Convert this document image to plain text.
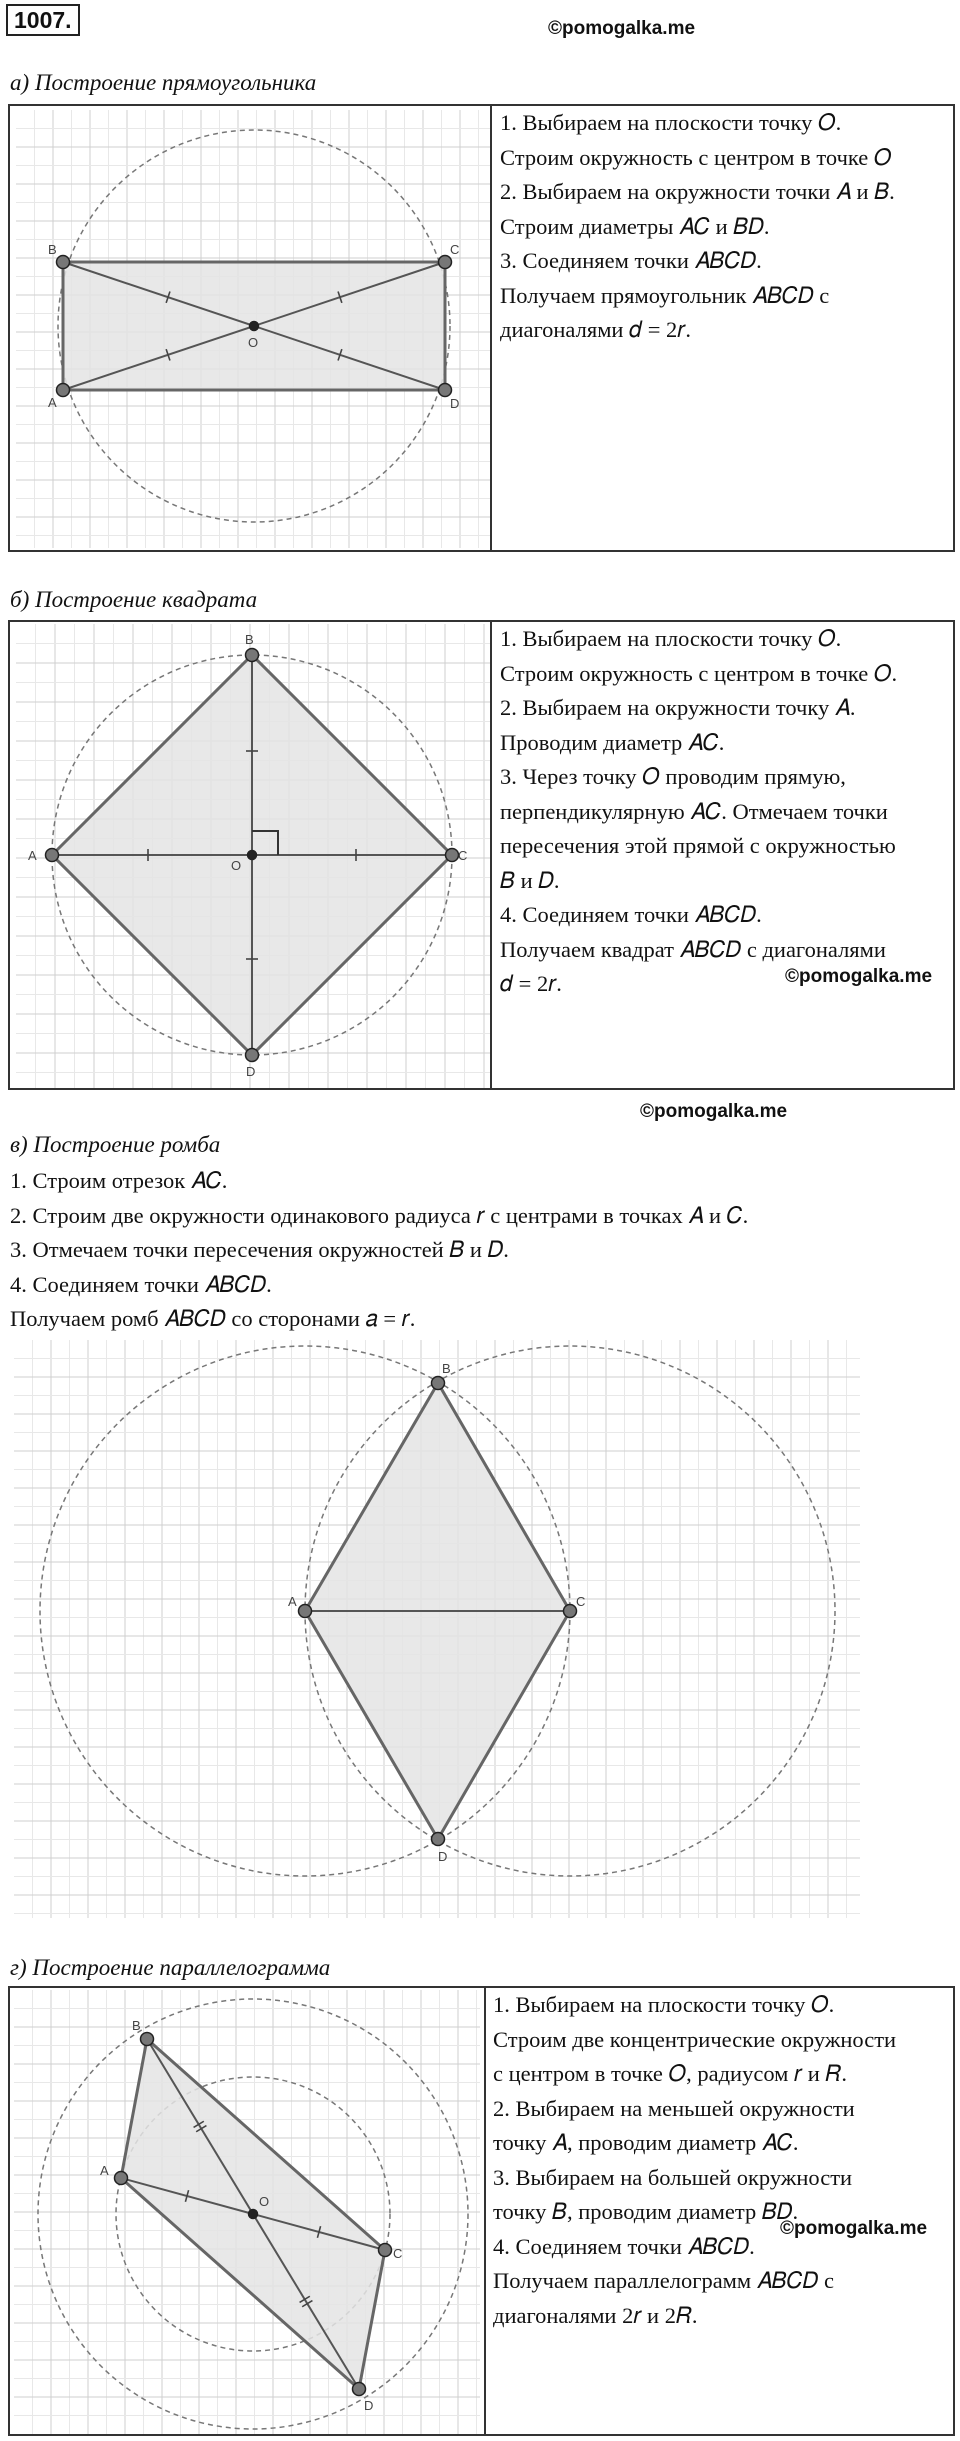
1007.	©pomogalka.me
а) Построение прямоугольника
B	C
A	D
O
1. Выбираем на плоскости точку 𝑂.
Строим окружность с центром в точке 𝑂
2. Выбираем на окружности точки 𝐴 и 𝐵.
Строим диаметры 𝐴𝐶 и 𝐵𝐷.
3. Соединяем точки 𝐴𝐵𝐶𝐷.
Получаем прямоугольник 𝐴𝐵𝐶𝐷 с
диагоналями 𝑑 = 2𝑟.
б) Построение квадрата
B
A	C
D
O
1. Выбираем на плоскости точку 𝑂.
Строим окружность с центром в точке 𝑂.
2. Выбираем на окружности точку 𝐴.
Проводим диаметр 𝐴𝐶.
3. Через точку 𝑂 проводим прямую,
перпендикулярную 𝐴𝐶. Отмечаем точки
пересечения этой прямой с окружностью
𝐵 и 𝐷.
4. Соединяем точки 𝐴𝐵𝐶𝐷.
Получаем квадрат 𝐴𝐵𝐶𝐷 с диагоналями
𝑑 = 2𝑟.	©pomogalka.me
©pomogalka.me
в) Построение ромба
1. Строим отрезок 𝐴𝐶.
2. Строим две окружности одинакового радиуса 𝑟 с центрами в точках 𝐴 и 𝐶.
3. Отмечаем точки пересечения окружностей 𝐵 и 𝐷.
4. Соединяем точки 𝐴𝐵𝐶𝐷.
Получаем ромб 𝐴𝐵𝐶𝐷 со сторонами 𝑎 = 𝑟.
B
A	C
D
г) Построение параллелограмма
B
A
C
D
O
1. Выбираем на плоскости точку 𝑂.
Строим две концентрические окружности
с центром в точке 𝑂, радиусом 𝑟 и 𝑅.
2. Выбираем на меньшей окружности
точку 𝐴, проводим диаметр 𝐴𝐶.
3. Выбираем на большей окружности
точку 𝐵, проводим диаметр 𝐵𝐷.
4. Соединяем точки 𝐴𝐵𝐶𝐷.
Получаем параллелограмм 𝐴𝐵𝐶𝐷 с
диагоналями 2𝑟 и 2𝑅.
©pomogalka.me
